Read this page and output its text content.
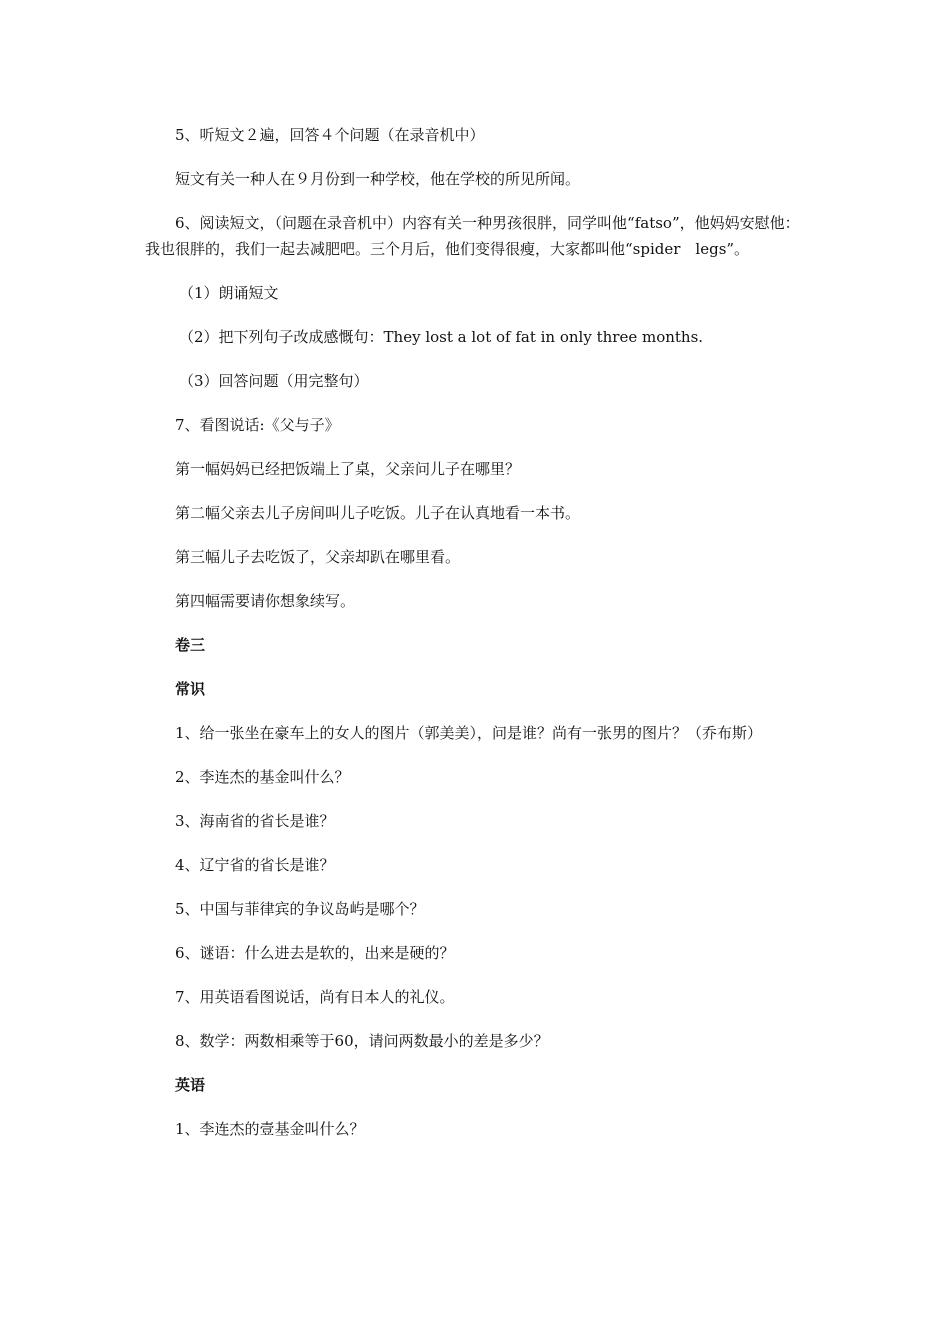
5、听短文２遍，回答４个问题（在录音机中）

短文有关一种人在９月份到一种学校，他在学校的所见所闻。

6、阅读短文，（问题在录音机中）内容有关一种男孩很胖，同学叫他“fatso”，他妈妈安慰他：我也很胖的，我们一起去减肥吧。三个月后，他们变得很瘦，大家都叫他“spider　legs”。

（1）朗诵短文

（2）把下列句子改成感慨句：They lost a lot of fat in only three months.

（3）回答问题（用完整句）

7、看图说话:《父与子》

第一幅妈妈已经把饭端上了桌，父亲问儿子在哪里？

第二幅父亲去儿子房间叫儿子吃饭。儿子在认真地看一本书。

第三幅儿子去吃饭了，父亲却趴在哪里看。

第四幅需要请你想象续写。

卷三

常识

1、给一张坐在豪车上的女人的图片（郭美美），问是谁？尚有一张男的图片？（乔布斯）

2、李连杰的基金叫什么？

3、海南省的省长是谁？

4、辽宁省的省长是谁？

5、中国与菲律宾的争议岛屿是哪个？

6、谜语：什么进去是软的，出来是硬的？

7、用英语看图说话，尚有日本人的礼仪。

8、数学：两数相乘等于60，请问两数最小的差是多少？

英语

1、李连杰的壹基金叫什么？
